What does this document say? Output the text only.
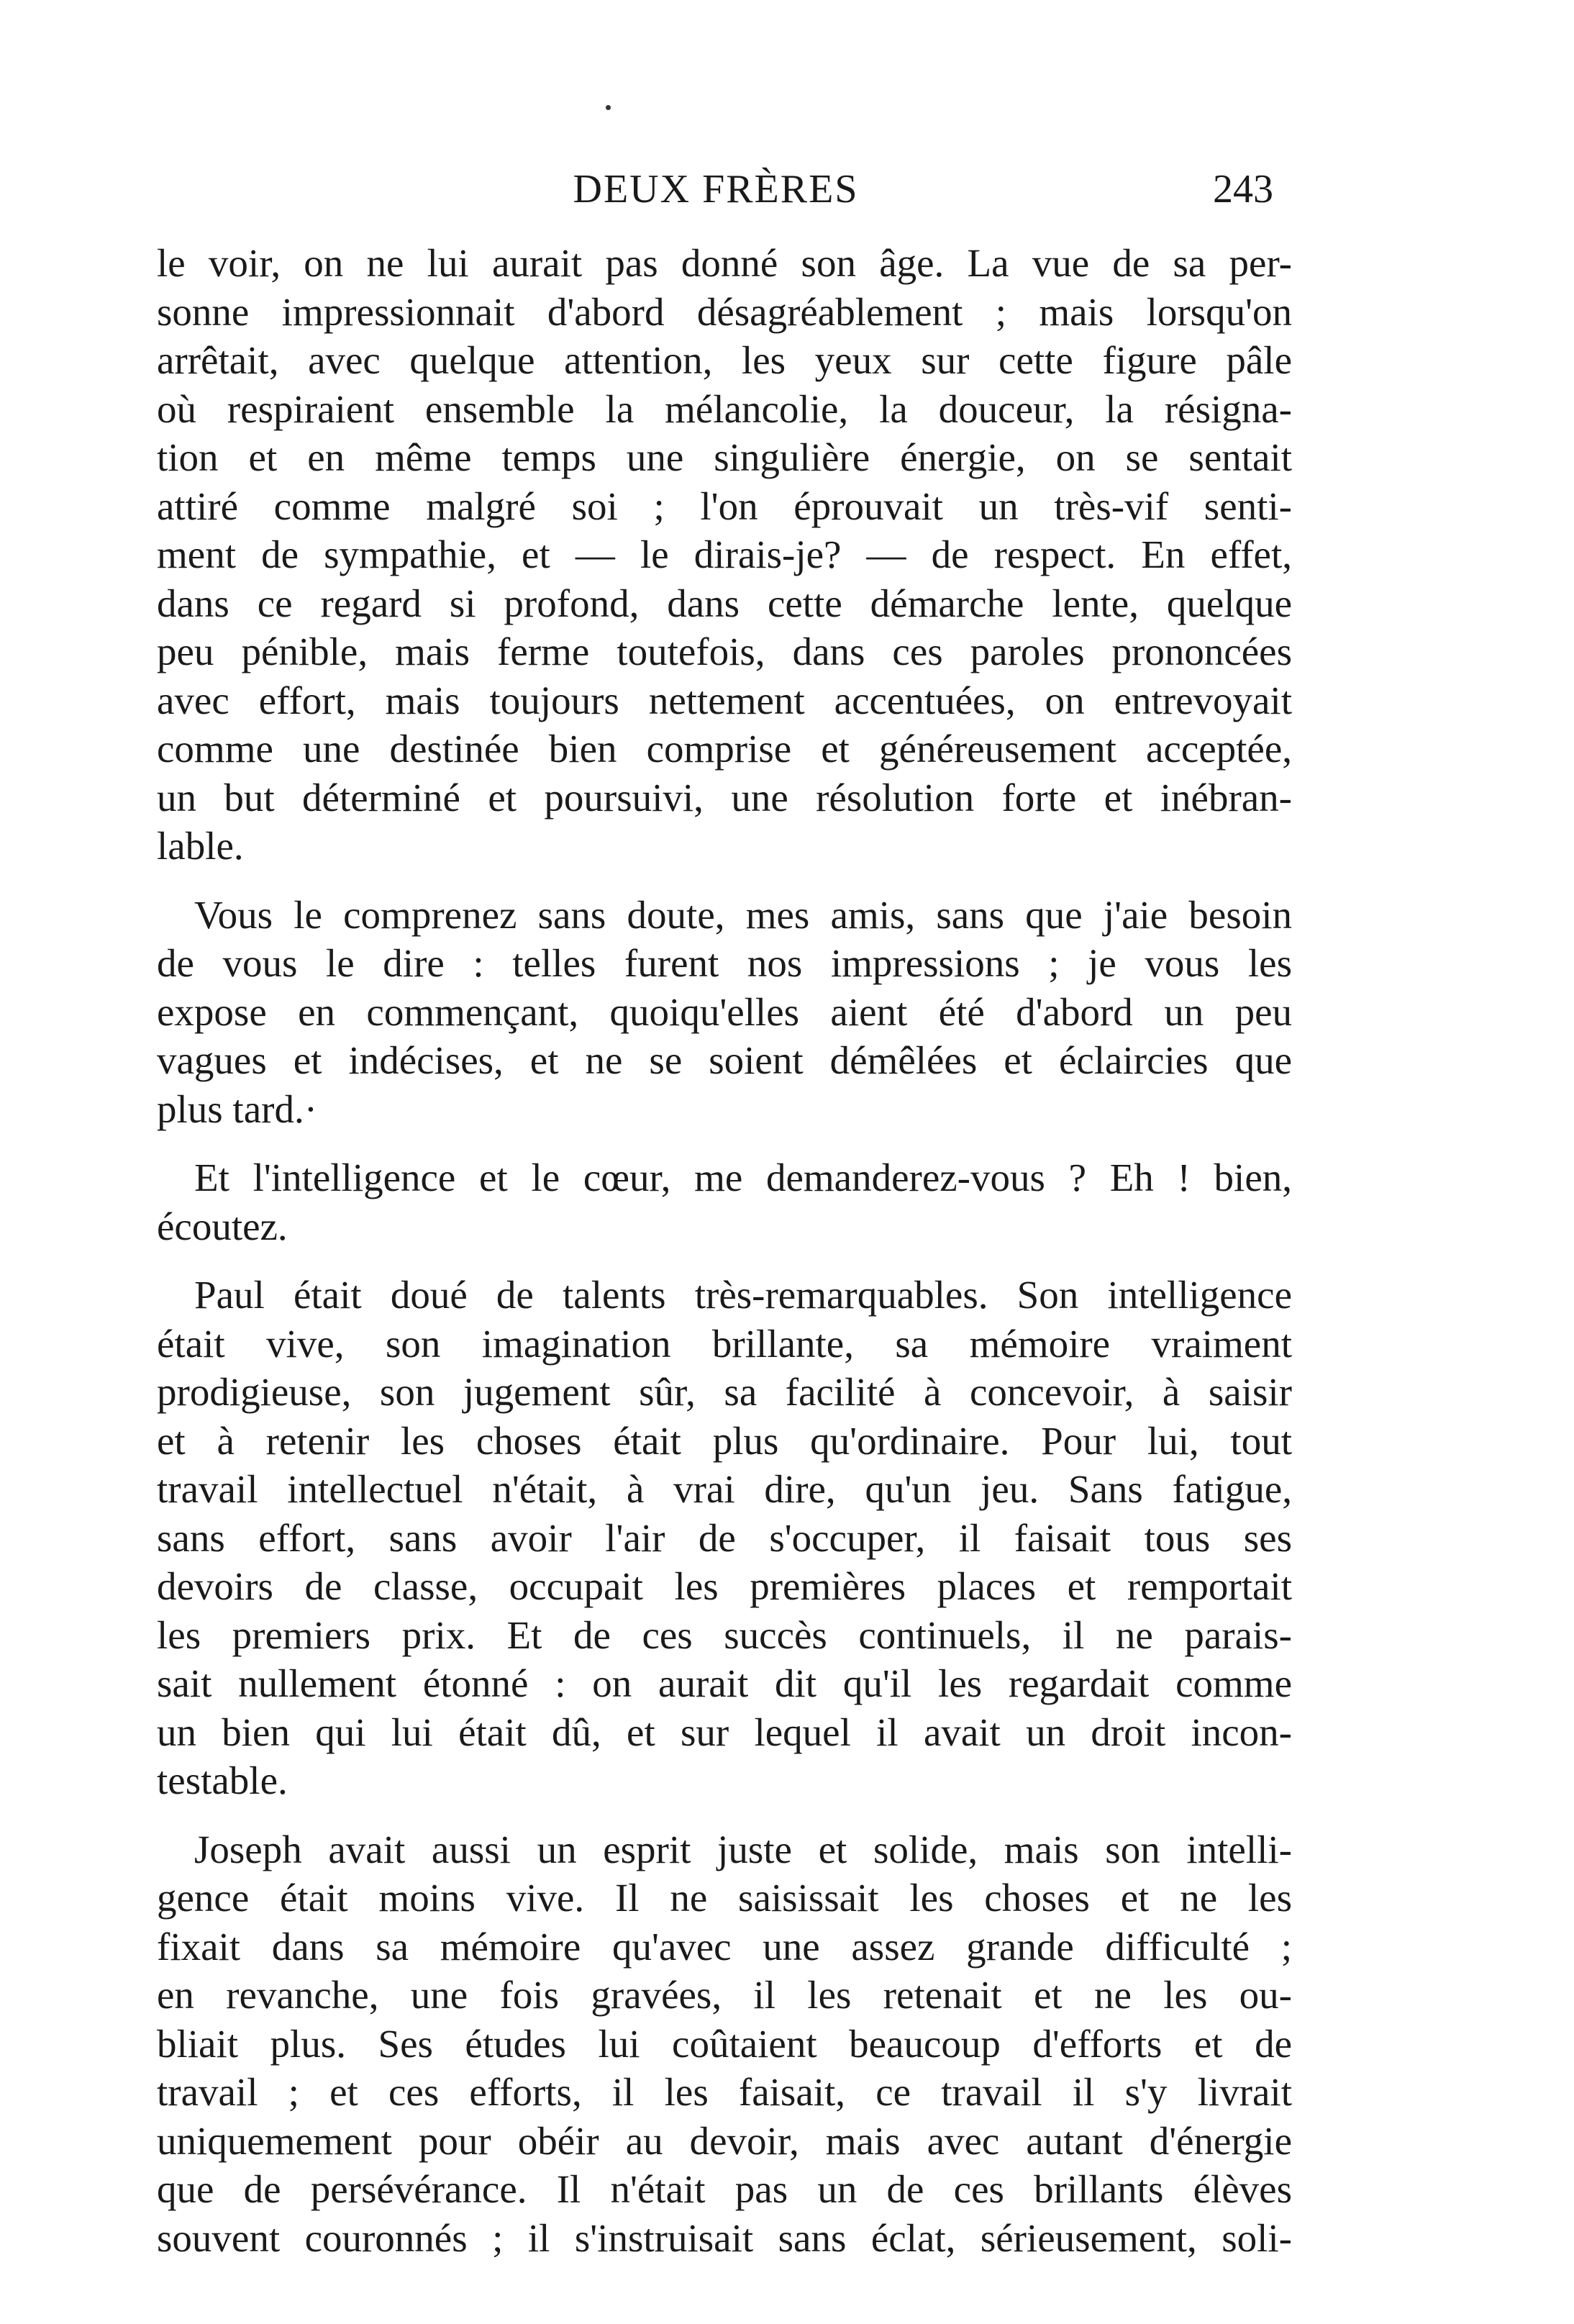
DEUX FRÈRES	243

le voir, on ne lui aurait pas donné son âge. La vue de sa per-
sonne impressionnait d'abord désagréablement ; mais lorsqu'on
arrêtait, avec quelque attention, les yeux sur cette figure pâle
où respiraient ensemble la mélancolie, la douceur, la résigna-
tion et en même temps une singulière énergie, on se sentait
attiré comme malgré soi ; l'on éprouvait un très-vif senti-
ment de sympathie, et — le dirais-je? — de respect. En effet,
dans ce regard si profond, dans cette démarche lente, quelque
peu pénible, mais ferme toutefois, dans ces paroles prononcées
avec effort, mais toujours nettement accentuées, on entrevoyait
comme une destinée bien comprise et généreusement acceptée,
un but déterminé et poursuivi, une résolution forte et inébran-
lable.

Vous le comprenez sans doute, mes amis, sans que j'aie besoin
de vous le dire : telles furent nos impressions ; je vous les
expose en commençant, quoiqu'elles aient été d'abord un peu
vagues et indécises, et ne se soient démêlées et éclaircies que
plus tard.·

Et l'intelligence et le cœur, me demanderez-vous ? Eh ! bien,
écoutez.

Paul était doué de talents très-remarquables. Son intelligence
était vive, son imagination brillante, sa mémoire vraiment
prodigieuse, son jugement sûr, sa facilité à concevoir, à saisir
et à retenir les choses était plus qu'ordinaire. Pour lui, tout
travail intellectuel n'était, à vrai dire, qu'un jeu. Sans fatigue,
sans effort, sans avoir l'air de s'occuper, il faisait tous ses
devoirs de classe, occupait les premières places et remportait
les premiers prix. Et de ces succès continuels, il ne parais-
sait nullement étonné : on aurait dit qu'il les regardait comme
un bien qui lui était dû, et sur lequel il avait un droit incon-
testable.

Joseph avait aussi un esprit juste et solide, mais son intelli-
gence était moins vive. Il ne saisissait les choses et ne les
fixait dans sa mémoire qu'avec une assez grande difficulté ;
en revanche, une fois gravées, il les retenait et ne les ou-
bliait plus. Ses études lui coûtaient beaucoup d'efforts et de
travail ; et ces efforts, il les faisait, ce travail il s'y livrait
uniquemement pour obéir au devoir, mais avec autant d'énergie
que de persévérance. Il n'était pas un de ces brillants élèves
souvent couronnés ; il s'instruisait sans éclat, sérieusement, soli-
